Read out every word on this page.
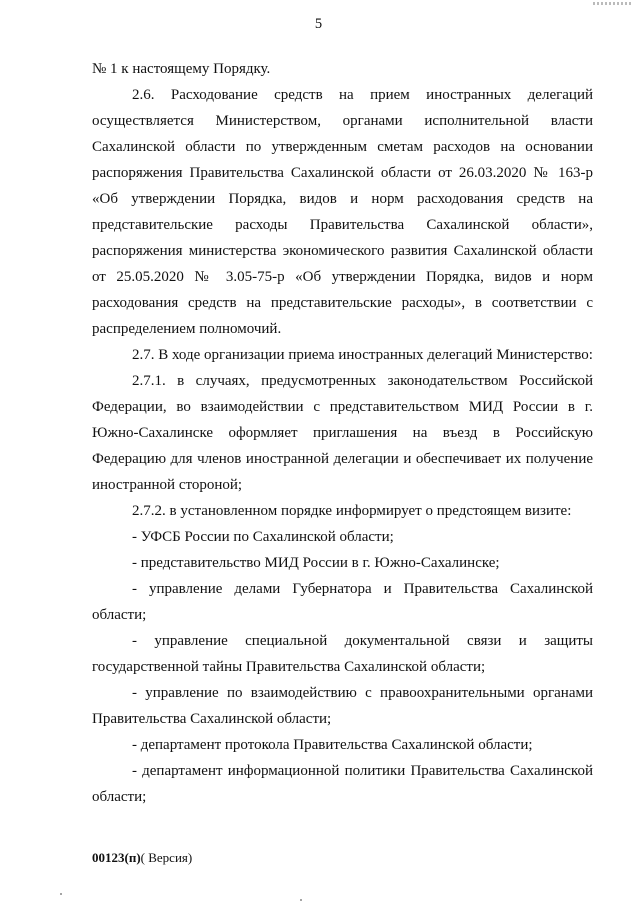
5

№ 1 к настоящему Порядку.

2.6. Расходование средств на прием иностранных делегаций осуществляется Министерством, органами исполнительной власти Сахалинской области по утвержденным сметам расходов на основании распоряжения Правительства Сахалинской области от 26.03.2020 № 163-р «Об утверждении Порядка, видов и норм расходования средств на представительские расходы Правительства Сахалинской области», распоряжения министерства экономического развития Сахалинской области от 25.05.2020 № 3.05-75-р «Об утверждении Порядка, видов и норм расходования средств на представительские расходы», в соответствии с распределением полномочий.

2.7. В ходе организации приема иностранных делегаций Министерство:

2.7.1. в случаях, предусмотренных законодательством Российской Федерации, во взаимодействии с представительством МИД России в г. Южно-Сахалинске оформляет приглашения на въезд в Российскую Федерацию для членов иностранной делегации и обеспечивает их получение иностранной стороной;

2.7.2. в установленном порядке информирует о предстоящем визите:

- УФСБ России по Сахалинской области;

- представительство МИД России в г. Южно-Сахалинске;

- управление делами Губернатора и Правительства Сахалинской области;

- управление специальной документальной связи и защиты государственной тайны Правительства Сахалинской области;

- управление по взаимодействию с правоохранительными органами Правительства Сахалинской области;

- департамент протокола Правительства Сахалинской области;

- департамент информационной политики Правительства Сахалинской области;

00123(п)( Версия)
